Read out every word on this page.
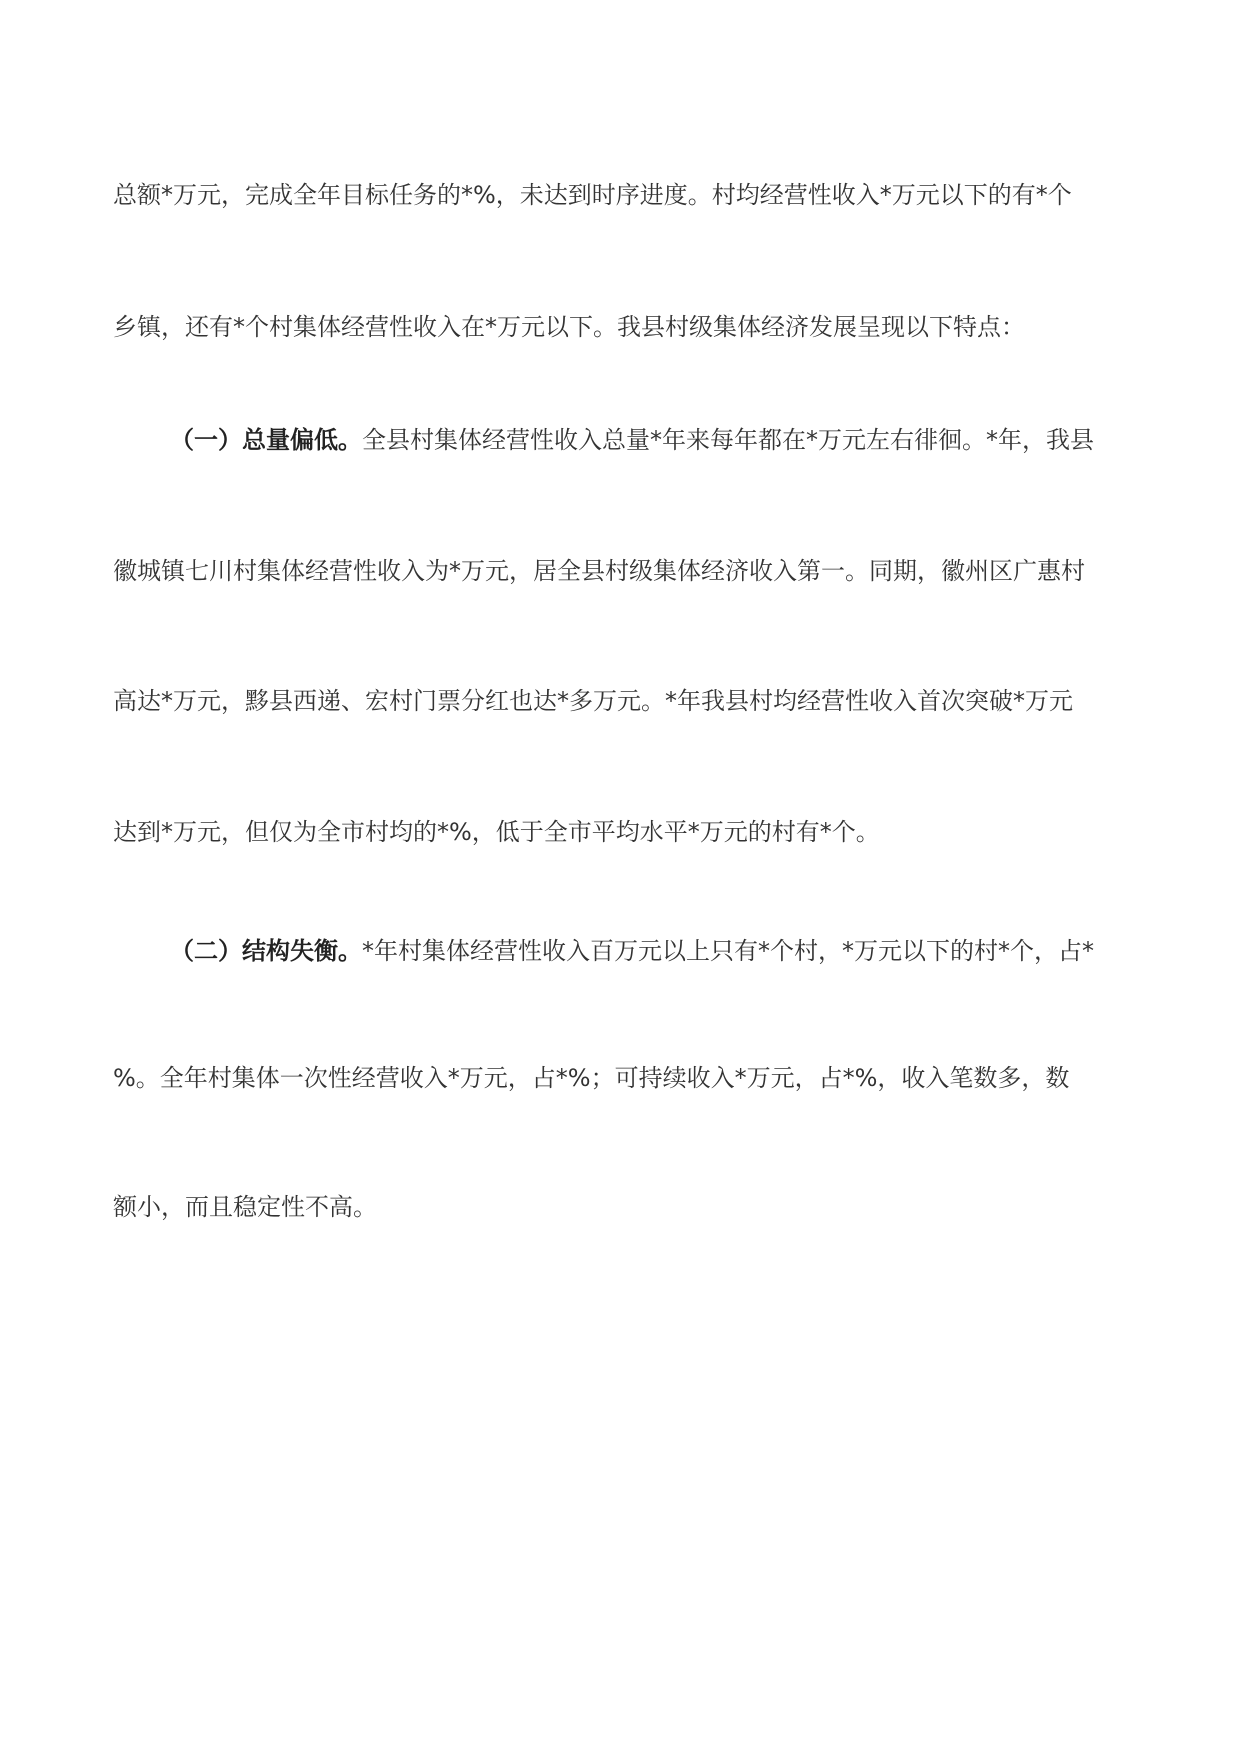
总额*万元，完成全年目标任务的*%，未达到时序进度。村均经营性收入*万元以下的有*个
乡镇，还有*个村集体经营性收入在*万元以下。我县村级集体经济发展呈现以下特点：
（一）总量偏低。全县村集体经营性收入总量*年来每年都在*万元左右徘徊。*年，我县
徽城镇七川村集体经营性收入为*万元，居全县村级集体经济收入第一。同期，徽州区广惠村
高达*万元，黟县西递、宏村门票分红也达*多万元。*年我县村均经营性收入首次突破*万元
达到*万元，但仅为全市村均的*%，低于全市平均水平*万元的村有*个。
（二）结构失衡。*年村集体经营性收入百万元以上只有*个村，*万元以下的村*个，占*
%。全年村集体一次性经营收入*万元，占*%；可持续收入*万元，占*%，收入笔数多，数
额小，而且稳定性不高。
